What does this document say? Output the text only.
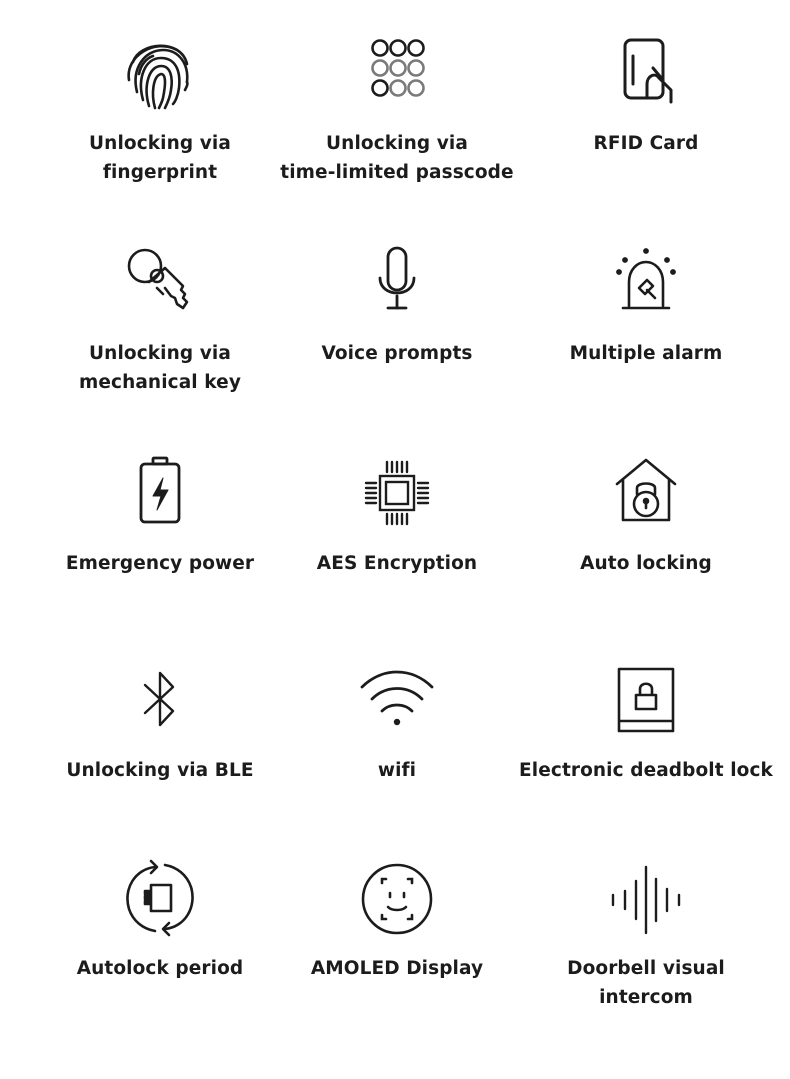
Unlocking via
fingerprint
Unlocking via
time-limited passcode
RFID Card
Unlocking via
mechanical key
Voice prompts	Multiple alarm
Emergency power	AES Encryption	Auto locking
Unlocking via BLE	wifi	Electronic deadbolt lock
Autolock period	AMOLED Display	Doorbell visual
intercom
